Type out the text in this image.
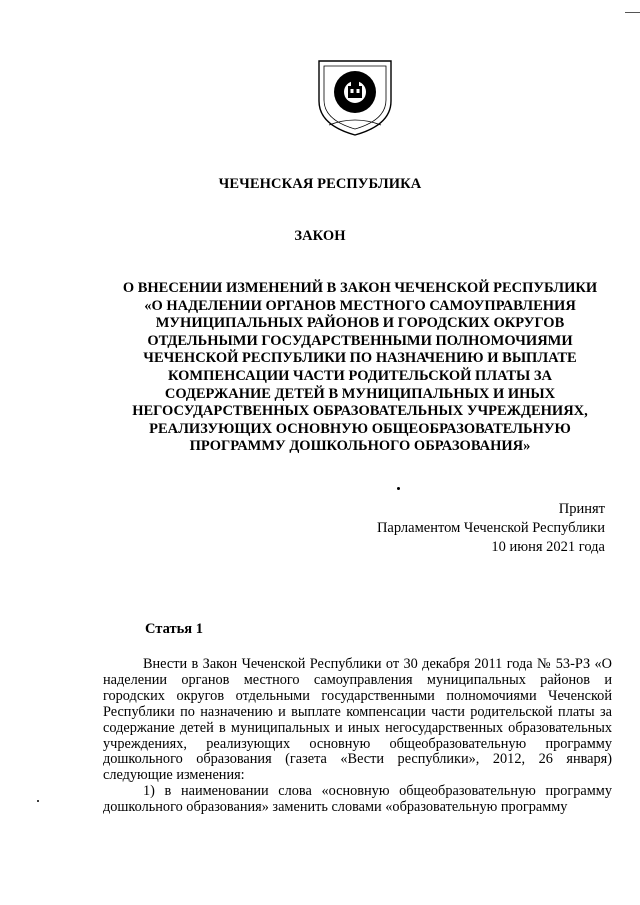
ЧЕЧЕНСКАЯ РЕСПУБЛИКА
ЗАКОН
О ВНЕСЕНИИ ИЗМЕНЕНИЙ В ЗАКОН ЧЕЧЕНСКОЙ РЕСПУБЛИКИ
«О НАДЕЛЕНИИ ОРГАНОВ МЕСТНОГО САМОУПРАВЛЕНИЯ
МУНИЦИПАЛЬНЫХ РАЙОНОВ И ГОРОДСКИХ ОКРУГОВ
ОТДЕЛЬНЫМИ ГОСУДАРСТВЕННЫМИ ПОЛНОМОЧИЯМИ
ЧЕЧЕНСКОЙ РЕСПУБЛИКИ ПО НАЗНАЧЕНИЮ И ВЫПЛАТЕ
КОМПЕНСАЦИИ ЧАСТИ РОДИТЕЛЬСКОЙ ПЛАТЫ ЗА
СОДЕРЖАНИЕ ДЕТЕЙ В МУНИЦИПАЛЬНЫХ И ИНЫХ
НЕГОСУДАРСТВЕННЫХ ОБРАЗОВАТЕЛЬНЫХ УЧРЕЖДЕНИЯХ,
РЕАЛИЗУЮЩИХ ОСНОВНУЮ ОБЩЕОБРАЗОВАТЕЛЬНУЮ
ПРОГРАММУ ДОШКОЛЬНОГО ОБРАЗОВАНИЯ»
Принят
Парламентом Чеченской Республики
10 июня 2021 года
Статья 1

Внести в Закон Чеченской Республики от 30 декабря 2011 года № 53-РЗ «О наделении органов местного самоуправления муниципальных районов и городских округов отдельными государственными полномочиями Чеченской Республики по назначению и выплате компенсации части родительской платы за содержание детей в муниципальных и иных негосударственных образовательных учреждениях, реализующих основную общеобразовательную программу дошкольного образования (газета «Вести республики», 2012, 26 января) следующие изменения:

1) в наименовании слова «основную общеобразовательную программу дошкольного образования» заменить словами «образовательную программу
